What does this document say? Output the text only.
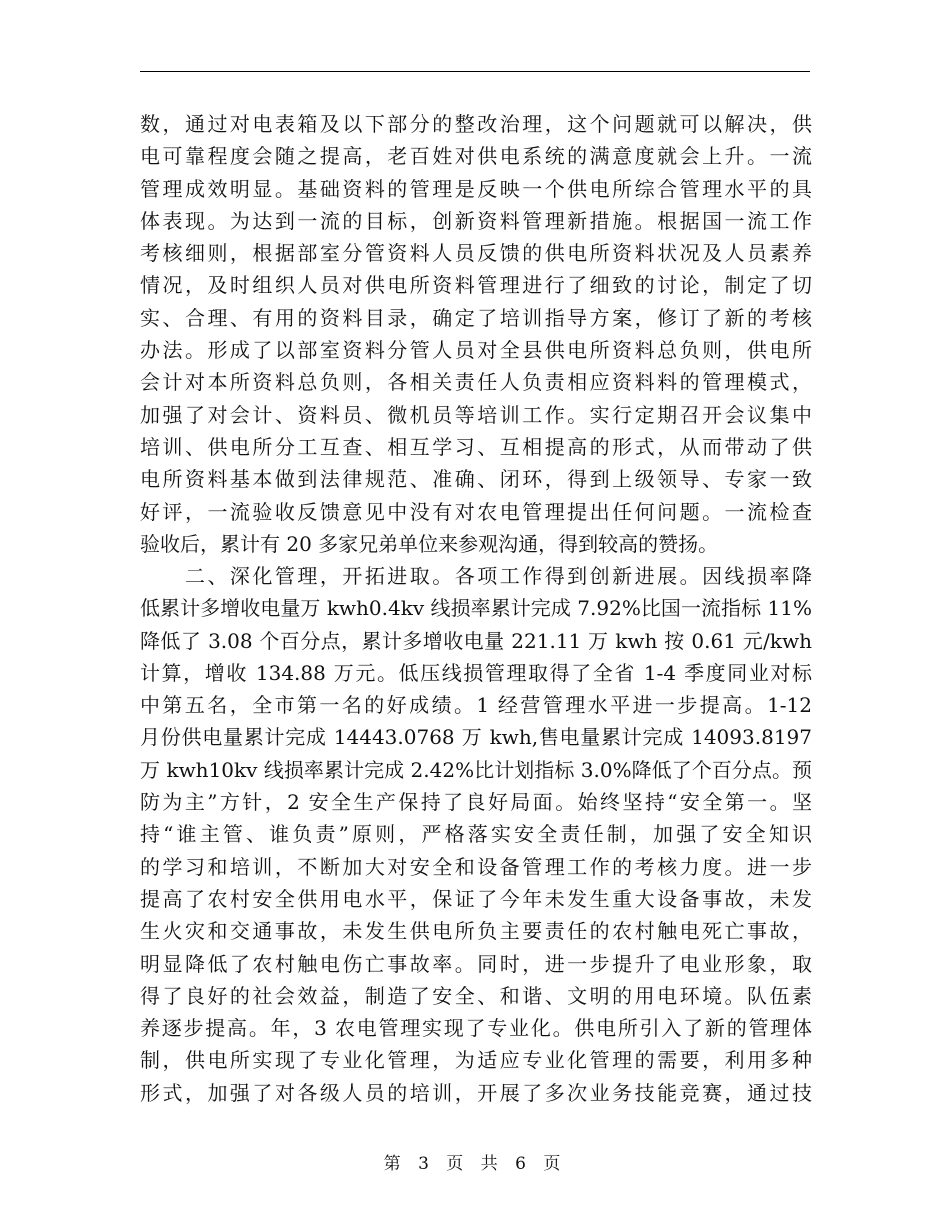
数，通过对电表箱及以下部分的整改治理，这个问题就可以解决，供
电可靠程度会随之提高，老百姓对供电系统的满意度就会上升。一流
管理成效明显。基础资料的管理是反映一个供电所综合管理水平的具
体表现。为达到一流的目标，创新资料管理新措施。根据国一流工作
考核细则，根据部室分管资料人员反馈的供电所资料状况及人员素养
情况，及时组织人员对供电所资料管理进行了细致的讨论，制定了切
实、合理、有用的资料目录，确定了培训指导方案，修订了新的考核
办法。形成了以部室资料分管人员对全县供电所资料总负则，供电所
会计对本所资料总负则，各相关责任人负责相应资料料的管理模式，
加强了对会计、资料员、微机员等培训工作。实行定期召开会议集中
培训、供电所分工互查、相互学习、互相提高的形式，从而带动了供
电所资料基本做到法律规范、准确、闭环，得到上级领导、专家一致
好评，一流验收反馈意见中没有对农电管理提出任何问题。一流检查
验收后，累计有 20 多家兄弟单位来参观沟通，得到较高的赞扬。
　　二、深化管理，开拓进取。各项工作得到创新进展。因线损率降
低累计多增收电量万 kwh0.4kv 线损率累计完成 7.92%比国一流指标 11%
降低了 3.08 个百分点，累计多增收电量 221.11 万 kwh 按 0.61 元/kwh
计算，增收 134.88 万元。低压线损管理取得了全省 1-4 季度同业对标
中第五名，全市第一名的好成绩。1 经营管理水平进一步提高。1-12
月份供电量累计完成 14443.0768 万 kwh,售电量累计完成 14093.8197
万 kwh10kv 线损率累计完成 2.42%比计划指标 3.0%降低了个百分点。预
防为主”方针，2 安全生产保持了良好局面。始终坚持“安全第一。坚
持“谁主管、谁负责”原则，严格落实安全责任制，加强了安全知识
的学习和培训，不断加大对安全和设备管理工作的考核力度。进一步
提高了农村安全供用电水平，保证了今年未发生重大设备事故，未发
生火灾和交通事故，未发生供电所负主要责任的农村触电死亡事故，
明显降低了农村触电伤亡事故率。同时，进一步提升了电业形象，取
得了良好的社会效益，制造了安全、和谐、文明的用电环境。队伍素
养逐步提高。年，3 农电管理实现了专业化。供电所引入了新的管理体
制，供电所实现了专业化管理，为适应专业化管理的需要，利用多种
形式，加强了对各级人员的培训，开展了多次业务技能竞赛，通过技
第 3 页 共 6 页
